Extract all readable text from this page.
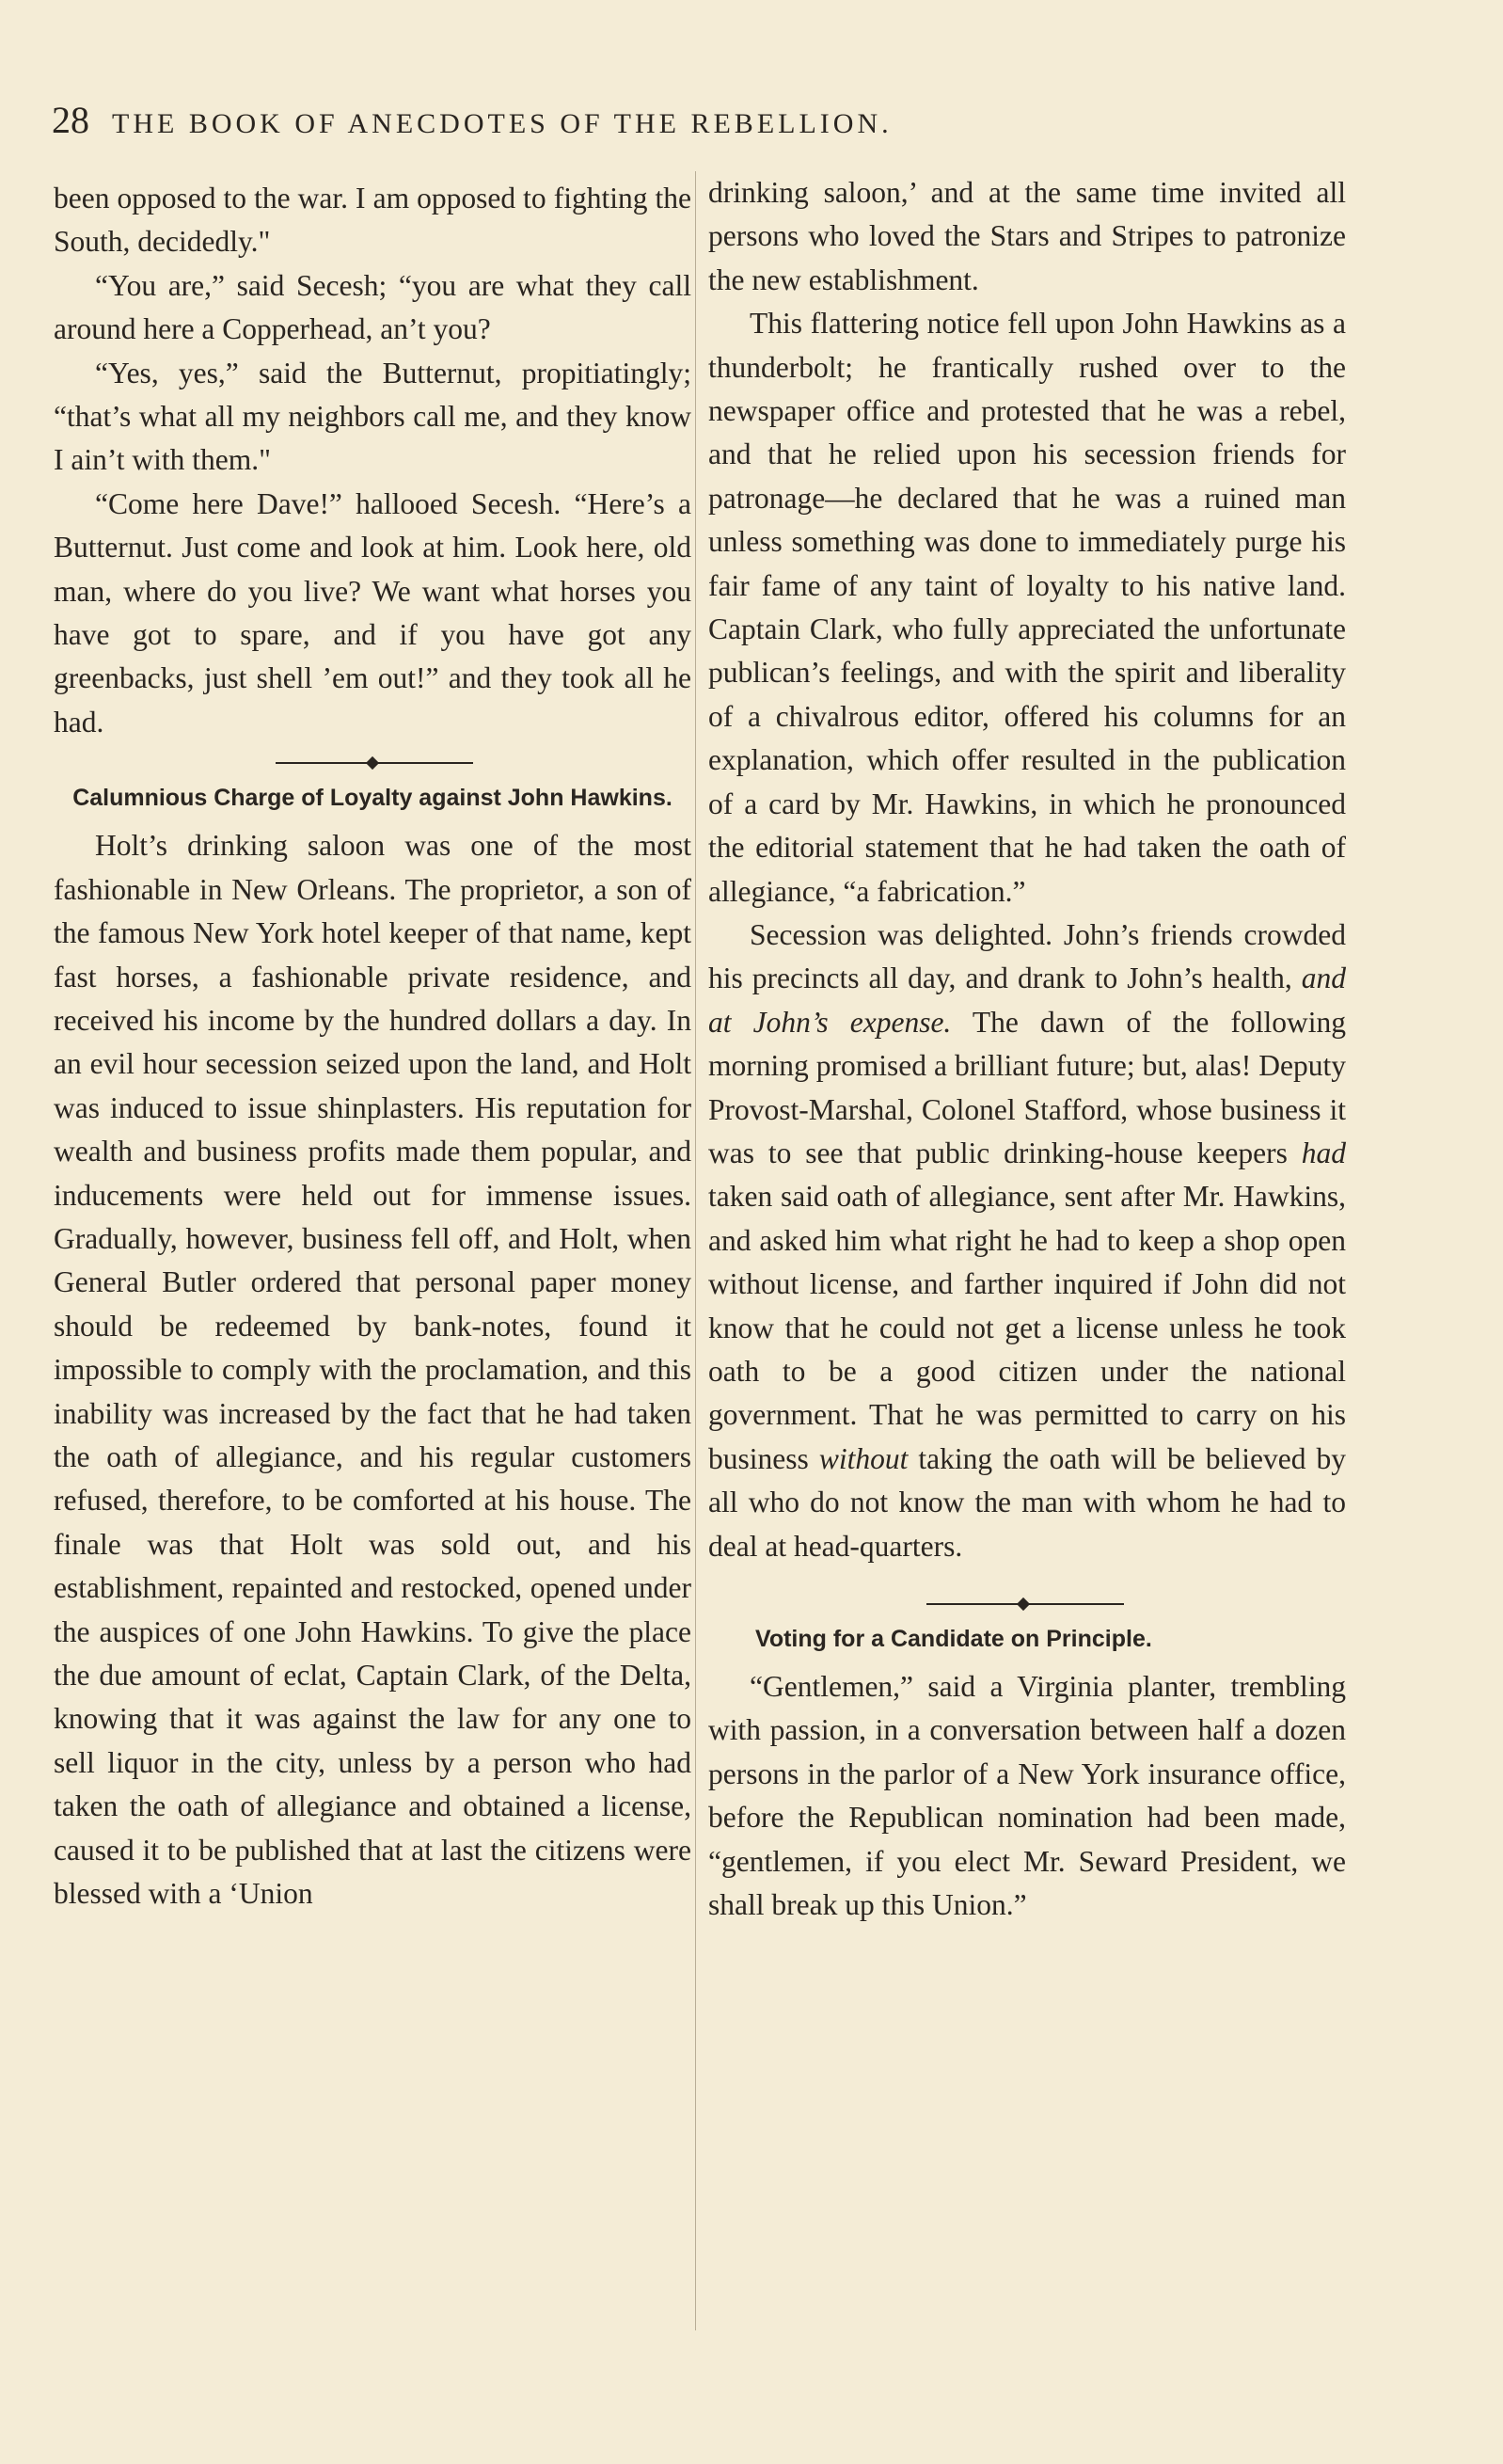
28 THE BOOK OF ANECDOTES OF THE REBELLION.

been opposed to the war. I am opposed to fighting the South, decidedly."

“You are,” said Secesh; “you are what they call around here a Copperhead, an’t you?

“Yes, yes,” said the Butternut, propitiatingly; “that’s what all my neighbors call me, and they know I ain’t with them."

“Come here Dave!” hallooed Secesh. “Here’s a Butternut. Just come and look at him. Look here, old man, where do you live? We want what horses you have got to spare, and if you have got any greenbacks, just shell ’em out!” and they took all he had.

Calumnious Charge of Loyalty against John Hawkins.

Holt’s drinking saloon was one of the most fashionable in New Orleans. The proprietor, a son of the famous New York hotel keeper of that name, kept fast horses, a fashionable private residence, and received his income by the hundred dollars a day. In an evil hour secession seized upon the land, and Holt was induced to issue shinplasters. His reputation for wealth and business profits made them popular, and inducements were held out for immense issues. Gradually, however, business fell off, and Holt, when General Butler ordered that personal paper money should be redeemed by bank-notes, found it impossible to comply with the proclamation, and this inability was increased by the fact that he had taken the oath of allegiance, and his regular customers refused, therefore, to be comforted at his house. The finale was that Holt was sold out, and his establishment, repainted and restocked, opened under the auspices of one John Hawkins. To give the place the due amount of eclat, Captain Clark, of the Delta, knowing that it was against the law for any one to sell liquor in the city, unless by a person who had taken the oath of allegiance and obtained a license, caused it to be published that at last the citizens were blessed with a ‘Union

drinking saloon,’ and at the same time invited all persons who loved the Stars and Stripes to patronize the new establishment.

This flattering notice fell upon John Hawkins as a thunderbolt; he frantically rushed over to the newspaper office and protested that he was a rebel, and that he relied upon his secession friends for patronage—he declared that he was a ruined man unless something was done to immediately purge his fair fame of any taint of loyalty to his native land. Captain Clark, who fully appreciated the unfortunate publican’s feelings, and with the spirit and liberality of a chivalrous editor, offered his columns for an explanation, which offer resulted in the publication of a card by Mr. Hawkins, in which he pronounced the editorial statement that he had taken the oath of allegiance, “a fabrication.”

Secession was delighted. John’s friends crowded his precincts all day, and drank to John’s health, and at John’s expense. The dawn of the following morning promised a brilliant future; but, alas! Deputy Provost-Marshal, Colonel Stafford, whose business it was to see that public drinking-house keepers had taken said oath of allegiance, sent after Mr. Hawkins, and asked him what right he had to keep a shop open without license, and farther inquired if John did not know that he could not get a license unless he took oath to be a good citizen under the national government. That he was permitted to carry on his business without taking the oath will be believed by all who do not know the man with whom he had to deal at head-quarters.

Voting for a Candidate on Principle.

“Gentlemen,” said a Virginia planter, trembling with passion, in a conversation between half a dozen persons in the parlor of a New York insurance office, before the Republican nomination had been made, “gentlemen, if you elect Mr. Seward President, we shall break up this Union.”
